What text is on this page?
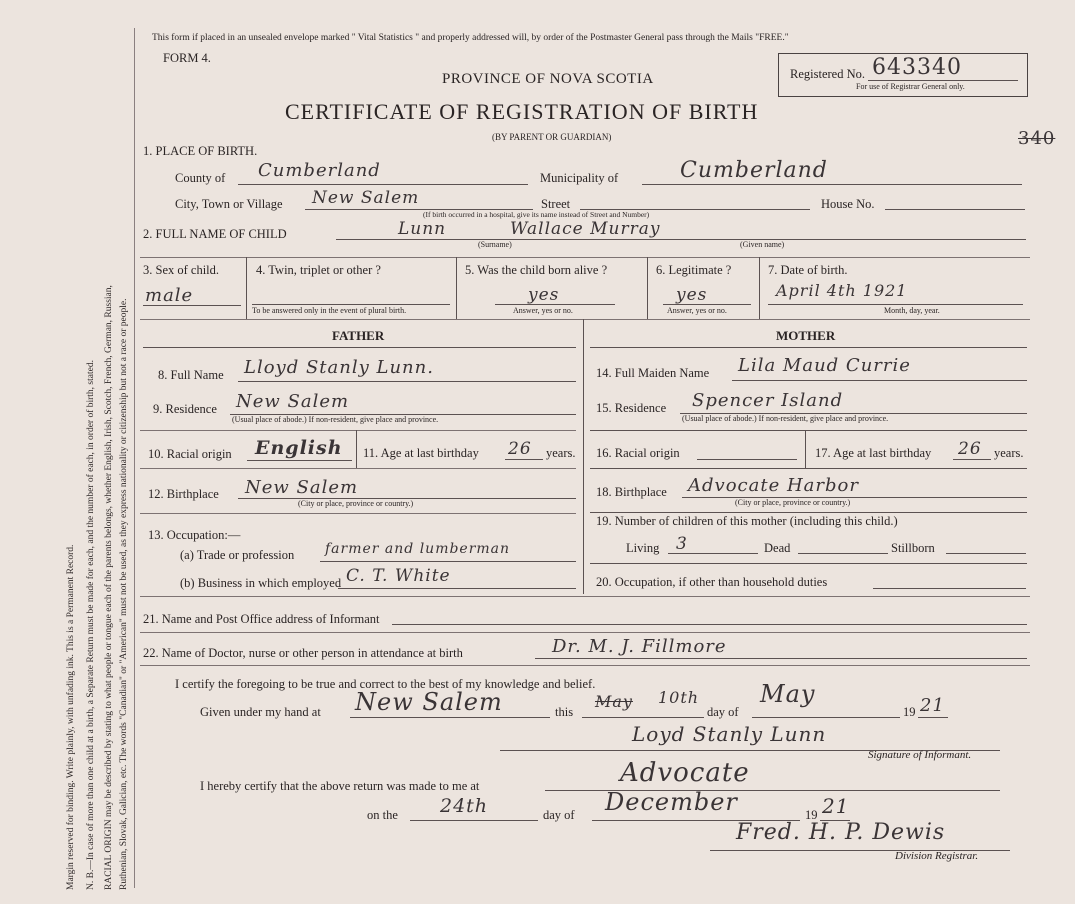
Margin reserved for binding. Write plainly, with unfading ink. This is a Permanent Record.	N. B.—In case of more than one child at a birth, a Separate Return must be made for each, and the number of each, in order of birth, stated. RACIAL ORIGIN may be described by stating to what people or tongue each of the parents belongs, whether English, Irish, Scotch, French, German, Russian, Ruthenian, Slovak, Galician, etc. The words "Canadian" or "American" must not be used, as they express nationality or citizenship but not a race or people.
This form if placed in an unsealed envelope marked " Vital Statistics " and properly addressed will, by order of the Postmaster General pass through the Mails "FREE."
FORM 4.
PROVINCE OF NOVA SCOTIA
CERTIFICATE OF REGISTRATION OF BIRTH
(BY PARENT OR GUARDIAN)
Registered No. 643340
For use of Registrar General only.
340
1. PLACE OF BIRTH.
County of Cumberland	Municipality of	Cumberland
City, Town or Village New Salem	Street	House No.
(If birth occurred in a hospital, give its name instead of Street and Number)
2. FULL NAME OF CHILD	Lunn	Wallace Murray
(Surname)	(Given name)
3. Sex of child.
male
4. Twin, triplet or other ?
To be answered only in the event of plural birth.
5. Was the child born alive ?
yes
Answer, yes or no.
6. Legitimate ?
yes
Answer, yes or no.
7. Date of birth.
April 4th 1921
Month, day, year.
FATHER	MOTHER
8. Full Name Lloyd Stanly Lunn.
9. Residence New Salem
(Usual place of abode.) If non-resident, give place and province.
10. Racial origin English 11. Age at last birthday 26 years.
12. Birthplace New Salem
(City or place, province or country.)
13. Occupation:—
(a) Trade or profession farmer and lumberman
(b) Business in which employed C. T. White
14. Full Maiden Name Lila Maud Currie
15. Residence Spencer Island
(Usual place of abode.) If non-resident, give place and province.
16. Racial origin	17. Age at last birthday 26 years.
18. Birthplace Advocate Harbor
(City or place, province or country.)
19. Number of children of this mother (including this child.)
Living 3	Dead	Stillborn
20. Occupation, if other than household duties
21. Name and Post Office address of Informant
22. Name of Doctor, nurse or other person in attendance at birth	Dr. M. J. Fillmore
I certify the foregoing to be true and correct to the best of my knowledge and belief.
Given under my hand at New Salem	this
May 10th
day of
May
19 21
Loyd Stanly Lunn
Signature of Informant.
I hereby certify that the above return was made to me at	Advocate
on the 24th	day of December	19 21
Fred. H. P. Dewis
Division Registrar.
